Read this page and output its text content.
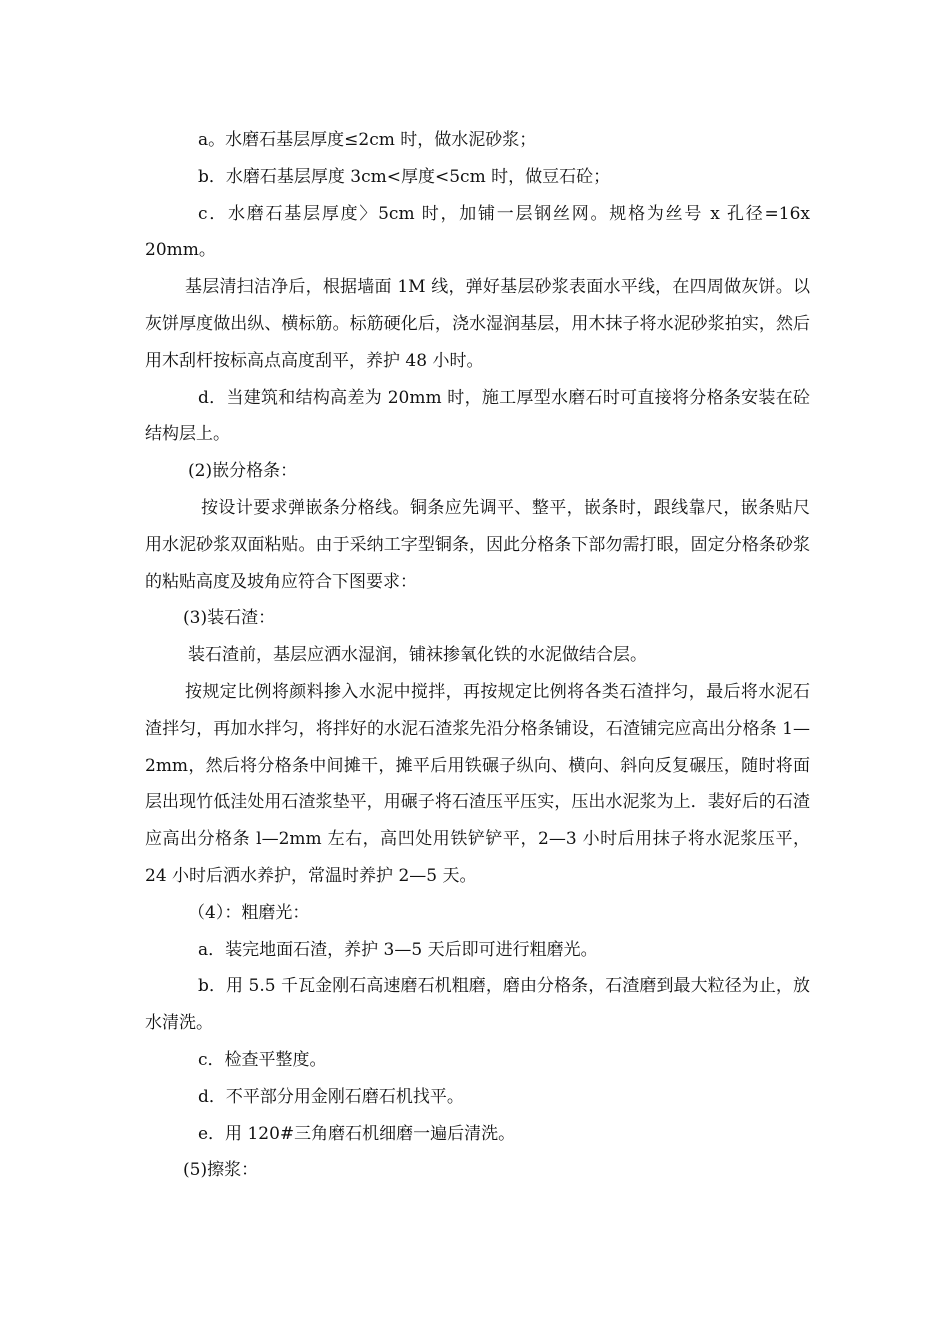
a。水磨石基层厚度≤2cm 时，做水泥砂浆；

b．水磨石基层厚度 3cm<厚度<5cm 时，做豆石砼；

c．水磨石基层厚度〉5cm 时，加铺一层钢丝网。规格为丝号 x 孔径=16x 20mm。

基层清扫洁净后，根据墙面 1M 线，弹好基层砂浆表面水平线，在四周做灰饼。以灰饼厚度做出纵、横标筋。标筋硬化后，浇水湿润基层，用木抹子将水泥砂浆拍实，然后用木刮杆按标高点高度刮平，养护 48 小时。

d．当建筑和结构高差为 20mm 时，施工厚型水磨石时可直接将分格条安装在砼结构层上。

(2)嵌分格条：

按设计要求弹嵌条分格线。铜条应先调平、整平，嵌条时，跟线靠尺，嵌条贴尺用水泥砂浆双面粘贴。由于采纳工字型铜条，因此分格条下部勿需打眼，固定分格条砂浆的粘贴高度及坡角应符合下图要求：

(3)装石渣：

装石渣前，基层应洒水湿润，铺袜掺氧化铁的水泥做结合层。

按规定比例将颜料掺入水泥中搅拌，再按规定比例将各类石渣拌匀，最后将水泥石渣拌匀，再加水拌匀，将拌好的水泥石渣浆先沿分格条铺设，石渣铺完应高出分格条 1—2mm，然后将分格条中间摊干，摊平后用铁碾子纵向、横向、斜向反复碾压，随时将面层出现竹低洼处用石渣浆垫平，用碾子将石渣压平压实，压出水泥浆为上．裴好后的石渣应高出分格条 l—2mm 左右，高凹处用铁铲铲平，2—3 小时后用抹子将水泥浆压平，24 小时后洒水养护，常温时养护 2—5 天。

（4）：粗磨光：

a．装完地面石渣，养护 3—5 天后即可进行粗磨光。

b．用 5.5 千瓦金刚石高速磨石机粗磨，磨由分格条，石渣磨到最大粒径为止，放水清洗。

c．检查平整度。

d．不平部分用金刚石磨石机找平。

e．用 120#三角磨石机细磨一遍后清洗。

(5)擦浆：
